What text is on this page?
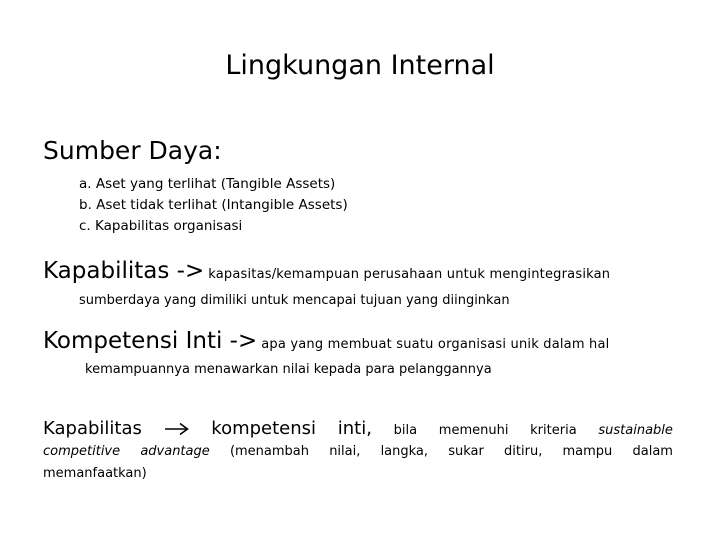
Lingkungan Internal
Sumber Daya:
a. Aset yang terlihat (Tangible Assets)
b. Aset tidak terlihat (Intangible Assets)
c. Kapabilitas organisasi
Kapabilitas -> kapasitas/kemampuan perusahaan untuk mengintegrasikan
sumberdaya yang dimiliki untuk mencapai tujuan yang diinginkan
Kompetensi Inti -> apa yang membuat suatu organisasi unik dalam hal
kemampuannya menawarkan nilai kepada para pelanggannya
Kapabilitas	kompetensi inti, bila memenuhi kriteria sustainable
competitive advantage (menambah nilai, langka, sukar ditiru, mampu dalam
memanfaatkan)
